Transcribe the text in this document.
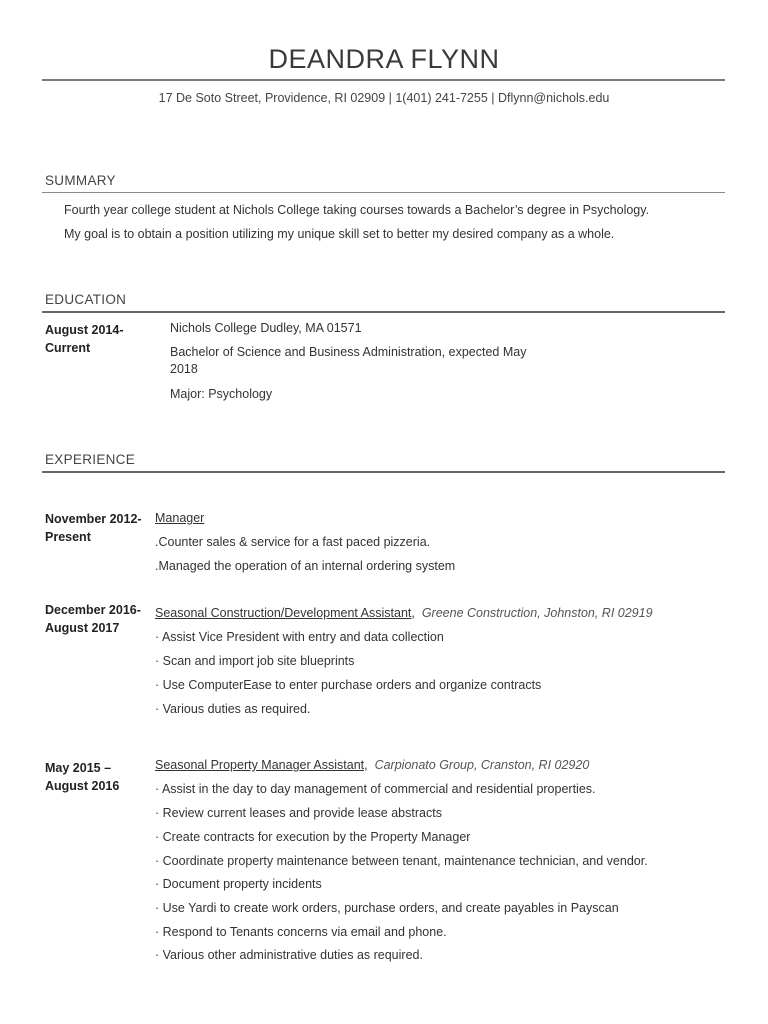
DEANDRA FLYNN
17 De Soto Street, Providence, RI 02909 | 1(401) 241-7255 | Dflynn@nichols.edu
SUMMARY
Fourth year college student at Nichols College taking courses towards a Bachelor’s degree in Psychology.
My goal is to obtain a position utilizing my unique skill set to better my desired company as a whole.
EDUCATION
August 2014-
Current
Nichols College Dudley, MA 01571
Bachelor of Science and Business Administration, expected May
2018
Major: Psychology
EXPERIENCE
November 2012-
Present
Manager
.Counter sales & service for a fast paced pizzeria.
.Managed the operation of an internal ordering system
December 2016-
August 2017
Seasonal Construction/Development Assistant, Greene Construction, Johnston, RI 02919
· Assist Vice President with entry and data collection
· Scan and import job site blueprints
· Use ComputerEase to enter purchase orders and organize contracts
· Various duties as required.
May 2015 –
August 2016
Seasonal Property Manager Assistant, Carpionato Group, Cranston, RI 02920
· Assist in the day to day management of commercial and residential properties.
· Review current leases and provide lease abstracts
· Create contracts for execution by the Property Manager
· Coordinate property maintenance between tenant, maintenance technician, and vendor.
· Document property incidents
· Use Yardi to create work orders, purchase orders, and create payables in Payscan
· Respond to Tenants concerns via email and phone.
· Various other administrative duties as required.
